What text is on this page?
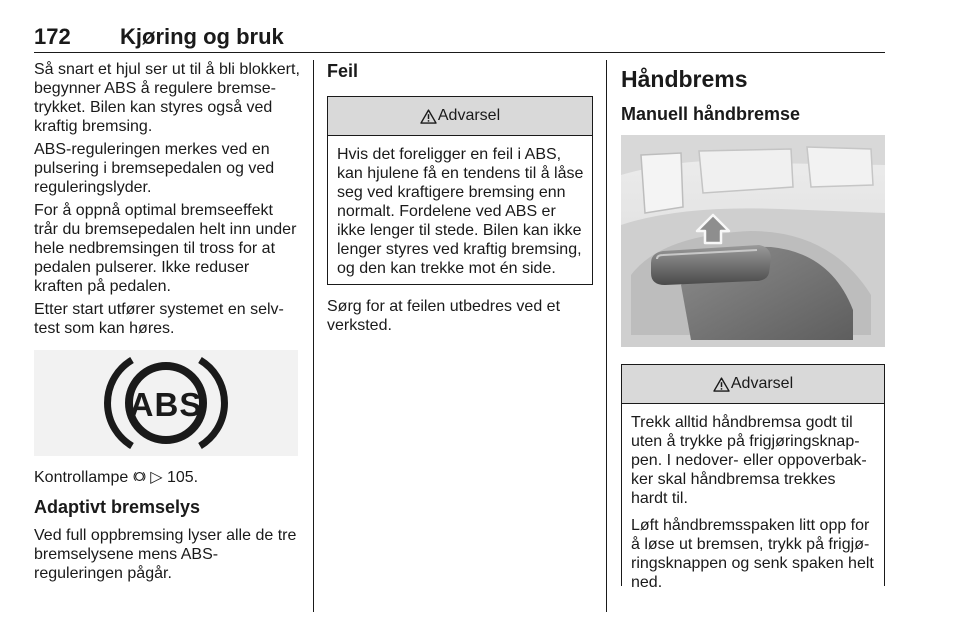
172 Kjøring og bruk

Så snart et hjul ser ut til å bli blokkert, begynner ABS å regulere bremsetrykket. Bilen kan styres også ved kraftig bremsing.

ABS-reguleringen merkes ved en pulsering i bremsepedalen og ved reguleringslyder.

For å oppnå optimal bremseeffekt trår du bremsepedalen helt inn under hele nedbremsingen til tross for at pedalen pulserer. Ikke reduser kraften på pedalen.

Etter start utfører systemet en selvtest som kan høres.

ABS
Kontrollampe ▷ 105.
Adaptivt bremselys

Ved full oppbremsing lyser alle de tre bremselysene mens ABS-reguleringen pågår.

Feil
Advarsel

Hvis det foreligger en feil i ABS, kan hjulene få en tendens til å låse seg ved kraftigere bremsing enn normalt. Fordelene ved ABS er ikke lenger til stede. Bilen kan ikke lenger styres ved kraftig bremsing, og den kan trekke mot én side.

Sørg for at feilen utbedres ved et verksted.

Håndbrems
Manuell håndbremse
Advarsel

Trekk alltid håndbremsa godt til uten å trykke på frigjøringsknappen. I nedover- eller oppoverbakker skal håndbremsa trekkes hardt til.

Løft håndbremsspaken litt opp for å løse ut bremsen, trykk på frigjøringsknappen og senk spaken helt ned.
